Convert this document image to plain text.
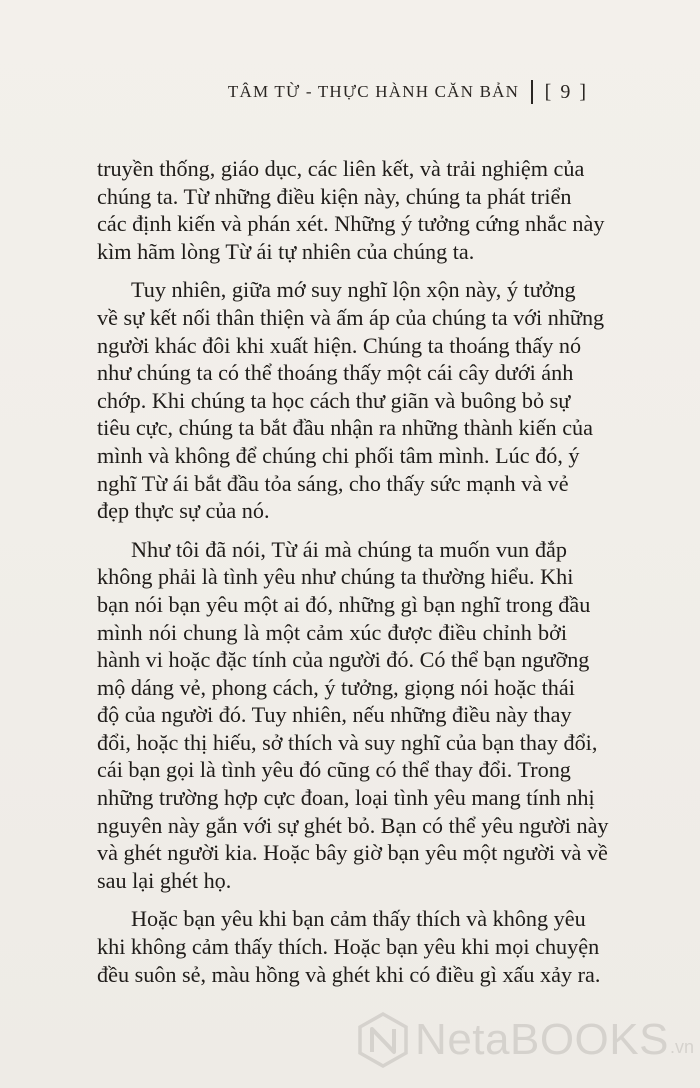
TÂM TỪ - THỰC HÀNH CĂN BẢN [ 9 ]

truyền thống, giáo dục, các liên kết, và trải nghiệm của
chúng ta. Từ những điều kiện này, chúng ta phát triển
các định kiến và phán xét. Những ý tưởng cứng nhắc này
kìm hãm lòng Từ ái tự nhiên của chúng ta.

Tuy nhiên, giữa mớ suy nghĩ lộn xộn này, ý tưởng
về sự kết nối thân thiện và ấm áp của chúng ta với những
người khác đôi khi xuất hiện. Chúng ta thoáng thấy nó
như chúng ta có thể thoáng thấy một cái cây dưới ánh
chớp. Khi chúng ta học cách thư giãn và buông bỏ sự
tiêu cực, chúng ta bắt đầu nhận ra những thành kiến của
mình và không để chúng chi phối tâm mình. Lúc đó, ý
nghĩ Từ ái bắt đầu tỏa sáng, cho thấy sức mạnh và vẻ
đẹp thực sự của nó.

Như tôi đã nói, Từ ái mà chúng ta muốn vun đắp
không phải là tình yêu như chúng ta thường hiểu. Khi
bạn nói bạn yêu một ai đó, những gì bạn nghĩ trong đầu
mình nói chung là một cảm xúc được điều chỉnh bởi
hành vi hoặc đặc tính của người đó. Có thể bạn ngưỡng
mộ dáng vẻ, phong cách, ý tưởng, giọng nói hoặc thái
độ của người đó. Tuy nhiên, nếu những điều này thay
đổi, hoặc thị hiếu, sở thích và suy nghĩ của bạn thay đổi,
cái bạn gọi là tình yêu đó cũng có thể thay đổi. Trong
những trường hợp cực đoan, loại tình yêu mang tính nhị
nguyên này gắn với sự ghét bỏ. Bạn có thể yêu người này
và ghét người kia. Hoặc bây giờ bạn yêu một người và về
sau lại ghét họ.

Hoặc bạn yêu khi bạn cảm thấy thích và không yêu
khi không cảm thấy thích. Hoặc bạn yêu khi mọi chuyện
đều suôn sẻ, màu hồng và ghét khi có điều gì xấu xảy ra.

NetaBOOKS .vn
